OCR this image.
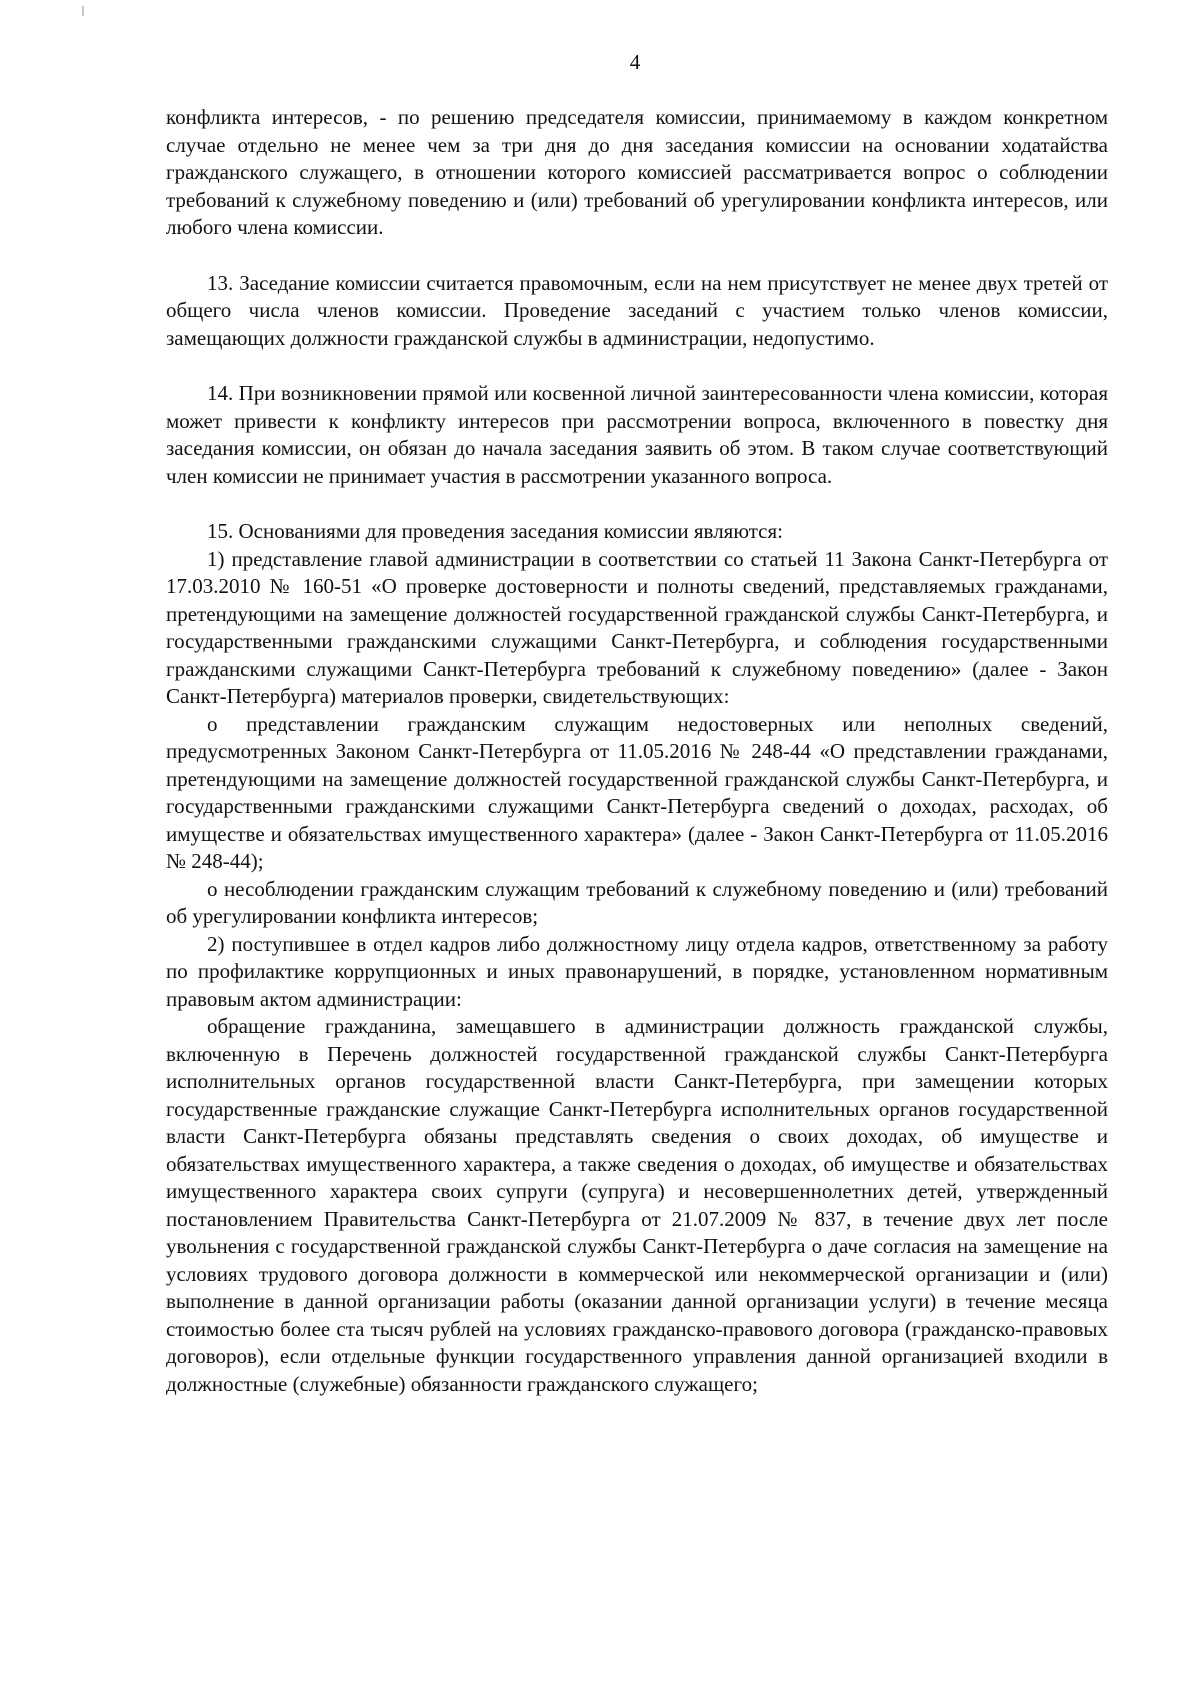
4

конфликта интересов, - по решению председателя комиссии, принимаемому в каждом конкретном случае отдельно не менее чем за три дня до дня заседания комиссии на основании ходатайства гражданского служащего, в отношении которого комиссией рассматривается вопрос о соблюдении требований к служебному поведению и (или) требований об урегулировании конфликта интересов, или любого члена комиссии.

13. Заседание комиссии считается правомочным, если на нем присутствует не менее двух третей от общего числа членов комиссии. Проведение заседаний с участием только членов комиссии, замещающих должности гражданской службы в администрации, недопустимо.

14. При возникновении прямой или косвенной личной заинтересованности члена комиссии, которая может привести к конфликту интересов при рассмотрении вопроса, включенного в повестку дня заседания комиссии, он обязан до начала заседания заявить об этом. В таком случае соответствующий член комиссии не принимает участия в рассмотрении указанного вопроса.

15. Основаниями для проведения заседания комиссии являются:

1) представление главой администрации в соответствии со статьей 11 Закона Санкт-Петербурга от 17.03.2010 № 160-51 «О проверке достоверности и полноты сведений, представляемых гражданами, претендующими на замещение должностей государственной гражданской службы Санкт-Петербурга, и государственными гражданскими служащими Санкт-Петербурга, и соблюдения государственными гражданскими служащими Санкт-Петербурга требований к служебному поведению» (далее - Закон Санкт-Петербурга) материалов проверки, свидетельствующих:

о представлении гражданским служащим недостоверных или неполных сведений, предусмотренных Законом Санкт-Петербурга от 11.05.2016 № 248-44 «О представлении гражданами, претендующими на замещение должностей государственной гражданской службы Санкт-Петербурга, и государственными гражданскими служащими Санкт-Петербурга сведений о доходах, расходах, об имуществе и обязательствах имущественного характера» (далее - Закон Санкт-Петербурга от 11.05.2016 № 248-44);

о несоблюдении гражданским служащим требований к служебному поведению и (или) требований об урегулировании конфликта интересов;

2) поступившее в отдел кадров либо должностному лицу отдела кадров, ответственному за работу по профилактике коррупционных и иных правонарушений, в порядке, установленном нормативным правовым актом администрации:

обращение гражданина, замещавшего в администрации должность гражданской службы, включенную в Перечень должностей государственной гражданской службы Санкт-Петербурга исполнительных органов государственной власти Санкт-Петербурга, при замещении которых государственные гражданские служащие Санкт-Петербурга исполнительных органов государственной власти Санкт-Петербурга обязаны представлять сведения о своих доходах, об имуществе и обязательствах имущественного характера, а также сведения о доходах, об имуществе и обязательствах имущественного характера своих супруги (супруга) и несовершеннолетних детей, утвержденный постановлением Правительства Санкт-Петербурга от 21.07.2009 № 837, в течение двух лет после увольнения с государственной гражданской службы Санкт-Петербурга о даче согласия на замещение на условиях трудового договора должности в коммерческой или некоммерческой организации и (или) выполнение в данной организации работы (оказании данной организации услуги) в течение месяца стоимостью более ста тысяч рублей на условиях гражданско-правового договора (гражданско-правовых договоров), если отдельные функции государственного управления данной организацией входили в должностные (служебные) обязанности гражданского служащего;
